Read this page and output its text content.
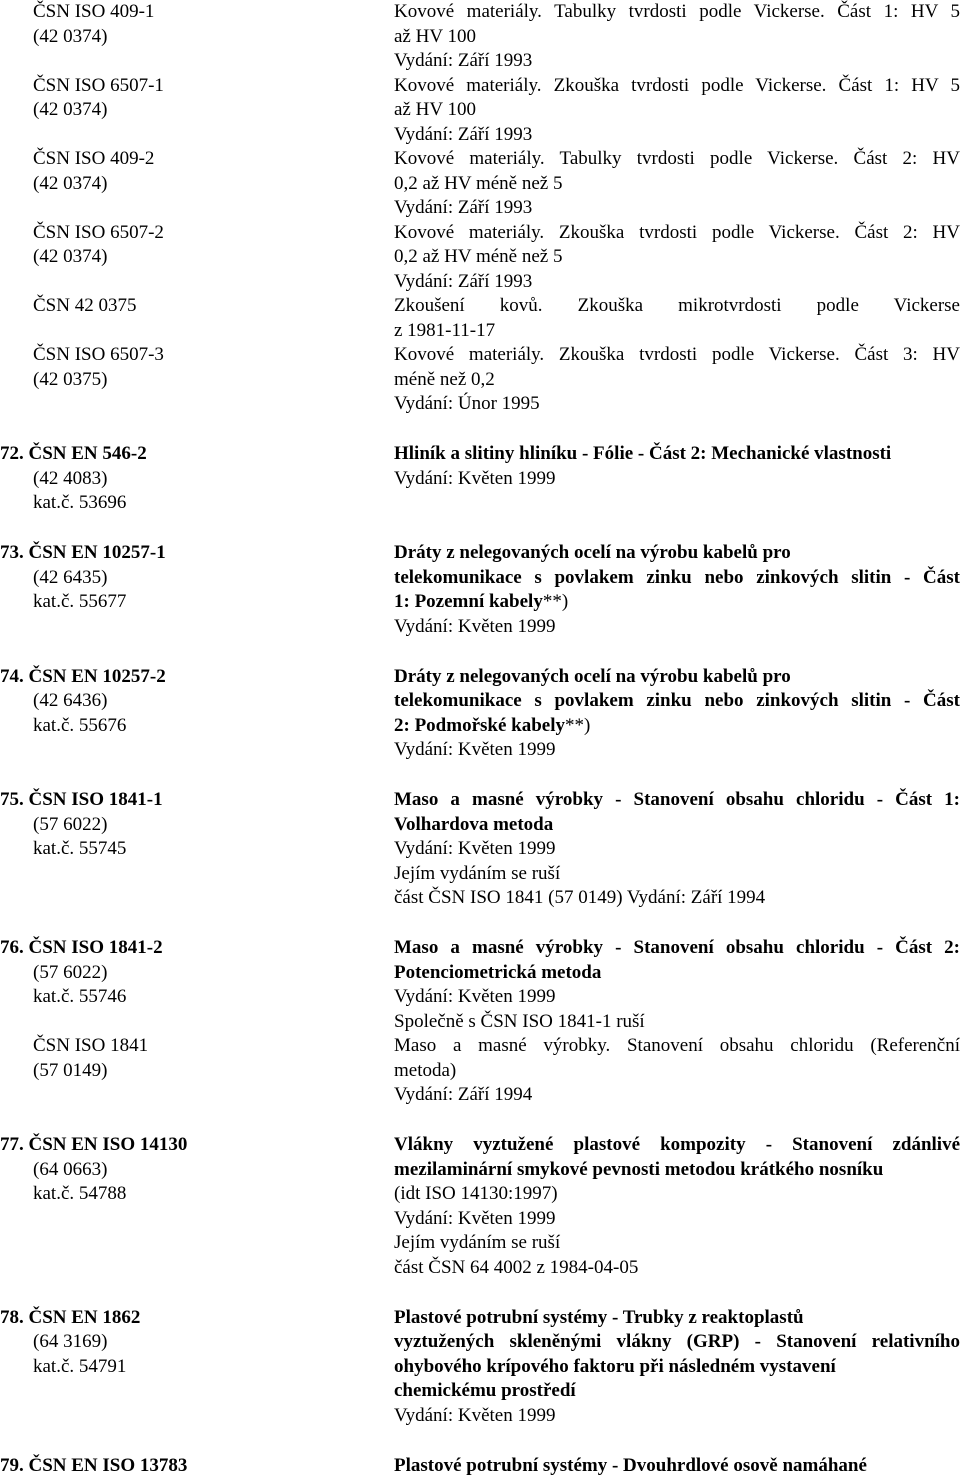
ČSN ISO 409-1
(42 0374)
Kovové materiály. Tabulky tvrdosti podle Vickerse. Část 1: HV 5
až HV 100
Vydání: Září 1993
ČSN ISO 6507-1
(42 0374)
Kovové materiály. Zkouška tvrdosti podle Vickerse. Část 1: HV 5
až HV 100
Vydání: Září 1993
ČSN ISO 409-2
(42 0374)
Kovové materiály. Tabulky tvrdosti podle Vickerse. Část 2: HV
0,2 až HV méně než 5
Vydání: Září 1993
ČSN ISO 6507-2
(42 0374)
Kovové materiály. Zkouška tvrdosti podle Vickerse. Část 2: HV
0,2 až HV méně než 5
Vydání: Září 1993
ČSN 42 0375	Zkoušení kovů. Zkouška mikrotvrdosti podle Vickerse
z 1981-11-17
ČSN ISO 6507-3
(42 0375)
Kovové materiály. Zkouška tvrdosti podle Vickerse. Část 3: HV
méně než 0,2
Vydání: Únor 1995
72. ČSN EN 546-2
(42 4083)
kat.č. 53696
Hliník a slitiny hliníku - Fólie - Část 2: Mechanické vlastnosti
Vydání: Květen 1999
73. ČSN EN 10257-1
(42 6435)
kat.č. 55677
Dráty z nelegovaných ocelí na výrobu kabelů pro
telekomunikace s povlakem zinku nebo zinkových slitin - Část
1: Pozemní kabely**)
Vydání: Květen 1999
74. ČSN EN 10257-2
(42 6436)
kat.č. 55676
Dráty z nelegovaných ocelí na výrobu kabelů pro
telekomunikace s povlakem zinku nebo zinkových slitin - Část
2: Podmořské kabely**)
Vydání: Květen 1999
75. ČSN ISO 1841-1
(57 6022)
kat.č. 55745
Maso a masné výrobky - Stanovení obsahu chloridu - Část 1:
Volhardova metoda
Vydání: Květen 1999
Jejím vydáním se ruší
část ČSN ISO 1841 (57 0149) Vydání: Září 1994
76. ČSN ISO 1841-2
(57 6022)
kat.č. 55746
Maso a masné výrobky - Stanovení obsahu chloridu - Část 2:
Potenciometrická metoda
Vydání: Květen 1999
Společně s ČSN ISO 1841-1 ruší
ČSN ISO 1841
(57 0149)
Maso a masné výrobky. Stanovení obsahu chloridu (Referenční
metoda)
Vydání: Září 1994
77. ČSN EN ISO 14130
(64 0663)
kat.č. 54788
Vlákny vyztužené plastové kompozity - Stanovení zdánlivé
mezilaminární smykové pevnosti metodou krátkého nosníku
(idt ISO 14130:1997)
Vydání: Květen 1999
Jejím vydáním se ruší
část ČSN 64 4002 z 1984-04-05
78. ČSN EN 1862
(64 3169)
kat.č. 54791
Plastové potrubní systémy - Trubky z reaktoplastů
vyztužených skleněnými vlákny (GRP) - Stanovení relativního
ohybového krípového faktoru při následném vystavení
chemickému prostředí
Vydání: Květen 1999
79. ČSN EN ISO 13783	Plastové potrubní systémy - Dvouhrdlové osově namáhané
